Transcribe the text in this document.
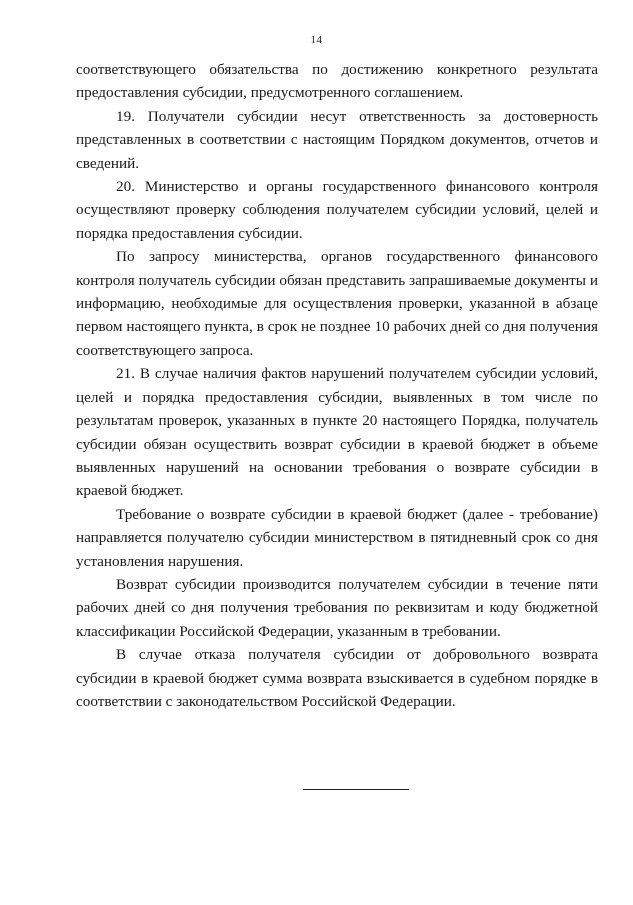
14

соответствующего обязательства по достижению конкретного результата предоставления субсидии, предусмотренного соглашением.

19. Получатели субсидии несут ответственность за достоверность представленных в соответствии с настоящим Порядком документов, отчетов и сведений.

20. Министерство и органы государственного финансового контроля осуществляют проверку соблюдения получателем субсидии условий, целей и порядка предоставления субсидии.

По запросу министерства, органов государственного финансового контроля получатель субсидии обязан представить запрашиваемые документы и информацию, необходимые для осуществления проверки, указанной в абзаце первом настоящего пункта, в срок не позднее 10 рабочих дней со дня получения соответствующего запроса.

21. В случае наличия фактов нарушений получателем субсидии условий, целей и порядка предоставления субсидии, выявленных в том числе по результатам проверок, указанных в пункте 20 настоящего Порядка, получатель субсидии обязан осуществить возврат субсидии в краевой бюджет в объеме выявленных нарушений на основании требования о возврате субсидии в краевой бюджет.

Требование о возврате субсидии в краевой бюджет (далее - требование) направляется получателю субсидии министерством в пятидневный срок со дня установления нарушения.

Возврат субсидии производится получателем субсидии в течение пяти рабочих дней со дня получения требования по реквизитам и коду бюджетной классификации Российской Федерации, указанным в требовании.

В случае отказа получателя субсидии от добровольного возврата субсидии в краевой бюджет сумма возврата взыскивается в судебном порядке в соответствии с законодательством Российской Федерации.
